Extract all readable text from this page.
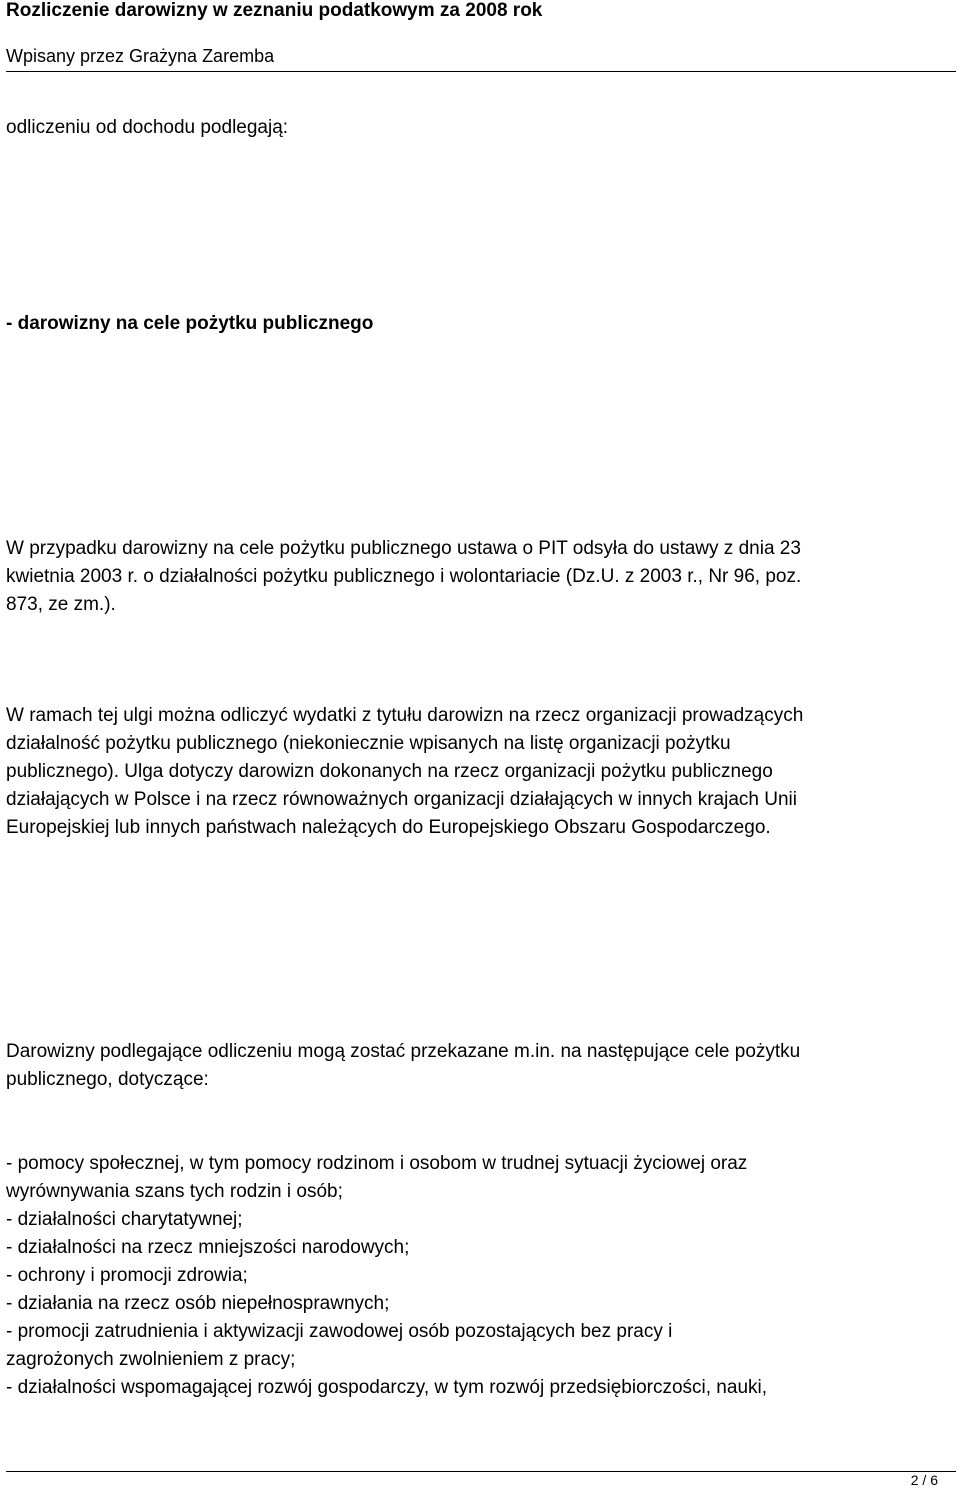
Rozliczenie darowizny w zeznaniu podatkowym za 2008 rok
Wpisany przez Grażyna Zaremba
odliczeniu od dochodu podlegają:
- darowizny na cele pożytku publicznego
W przypadku darowizny na cele pożytku publicznego ustawa o PIT odsyła do ustawy z dnia 23
kwietnia 2003 r. o działalności pożytku publicznego i wolontariacie (Dz.U. z 2003 r., Nr 96, poz.
873, ze zm.).
W ramach tej ulgi można odliczyć wydatki z tytułu darowizn na rzecz organizacji prowadzących
działalność pożytku publicznego (niekoniecznie wpisanych na listę organizacji pożytku
publicznego). Ulga dotyczy darowizn dokonanych na rzecz organizacji pożytku publicznego
działających w Polsce i na rzecz równoważnych organizacji działających w innych krajach Unii
Europejskiej lub innych państwach należących do Europejskiego Obszaru Gospodarczego.
Darowizny podlegające odliczeniu mogą zostać przekazane m.in. na następujące cele pożytku
publicznego, dotyczące:
- pomocy społecznej, w tym pomocy rodzinom i osobom w trudnej sytuacji życiowej oraz
wyrównywania szans tych rodzin i osób;
- działalności charytatywnej;
- działalności na rzecz mniejszości narodowych;
- ochrony i promocji zdrowia;
- działania na rzecz osób niepełnosprawnych;
- promocji zatrudnienia i aktywizacji zawodowej osób pozostających bez pracy i
zagrożonych zwolnieniem z pracy;
- działalności wspomagającej rozwój gospodarczy, w tym rozwój przedsiębiorczości, nauki,
2 / 6
